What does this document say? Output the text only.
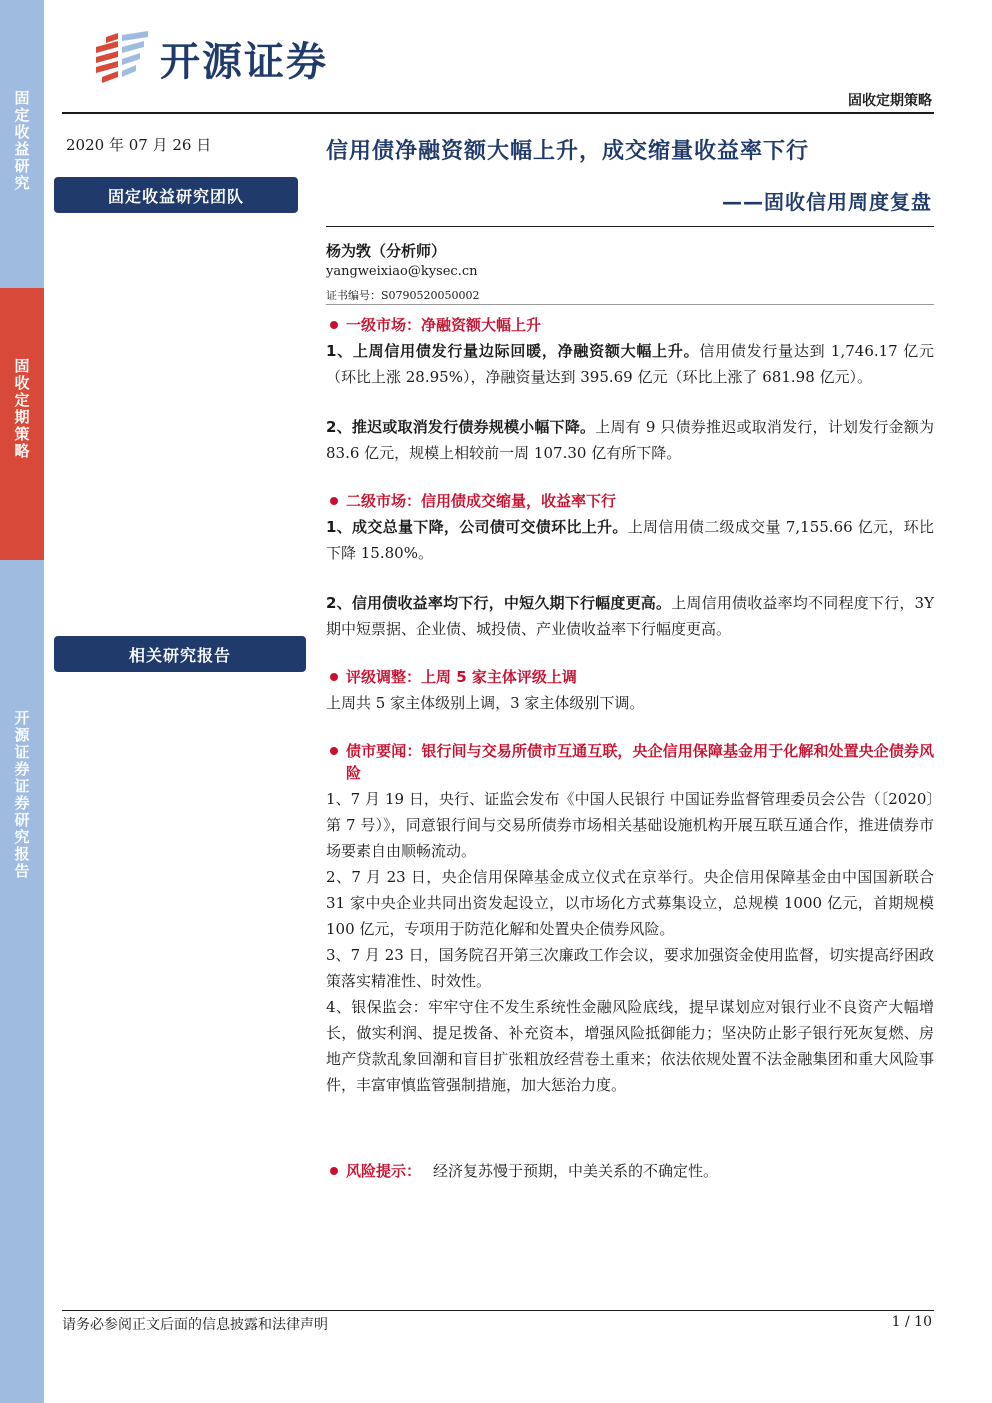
固定收益研究
固收定期策略
开源证券 证券研究报告
开源证券
固收定期策略
2020 年 07 月 26 日
固定收益研究团队
相关研究报告
信用债净融资额大幅上升，成交缩量收益率下行
——固收信用周度复盘
杨为敩（分析师）
yangweixiao@kysec.cn
证书编号：S0790520050002
一级市场：净融资额大幅上升

1、上周信用债发行量边际回暖，净融资额大幅上升。信用债发行量达到 1,746.17 亿元（环比上涨 28.95%），净融资量达到 395.69 亿元（环比上涨了 681.98 亿元）。

2、推迟或取消发行债券规模小幅下降。上周有 9 只债券推迟或取消发行，计划发行金额为 83.6 亿元，规模上相较前一周 107.30 亿有所下降。

二级市场：信用债成交缩量，收益率下行

1、成交总量下降，公司债可交债环比上升。上周信用债二级成交量 7,155.66 亿元，环比下降 15.80%。

2、信用债收益率均下行，中短久期下行幅度更高。上周信用债收益率均不同程度下行，3Y 期中短票据、企业债、城投债、产业债收益率下行幅度更高。

评级调整：上周 5 家主体评级上调

上周共 5 家主体级别上调，3 家主体级别下调。

债市要闻：银行间与交易所债市互通互联，央企信用保障基金用于化解和处置央企债券风险

1、7 月 19 日，央行、证监会发布《中国人民银行 中国证券监督管理委员会公告（〔2020〕第 7 号）》，同意银行间与交易所债券市场相关基础设施机构开展互联互通合作，推进债券市场要素自由顺畅流动。

2、7 月 23 日，央企信用保障基金成立仪式在京举行。央企信用保障基金由中国国新联合 31 家中央企业共同出资发起设立，以市场化方式募集设立，总规模 1000 亿元，首期规模 100 亿元，专项用于防范化解和处置央企债券风险。

3、7 月 23 日，国务院召开第三次廉政工作会议，要求加强资金使用监督，切实提高纾困政策落实精准性、时效性。

4、银保监会：牢牢守住不发生系统性金融风险底线，提早谋划应对银行业不良资产大幅增长，做实利润、提足拨备、补充资本，增强风险抵御能力；坚决防止影子银行死灰复燃、房地产贷款乱象回潮和盲目扩张粗放经营卷土重来；依法依规处置不法金融集团和重大风险事件，丰富审慎监管强制措施，加大惩治力度。

风险提示： 经济复苏慢于预期，中美关系的不确定性。
请务必参阅正文后面的信息披露和法律声明	1 / 10
